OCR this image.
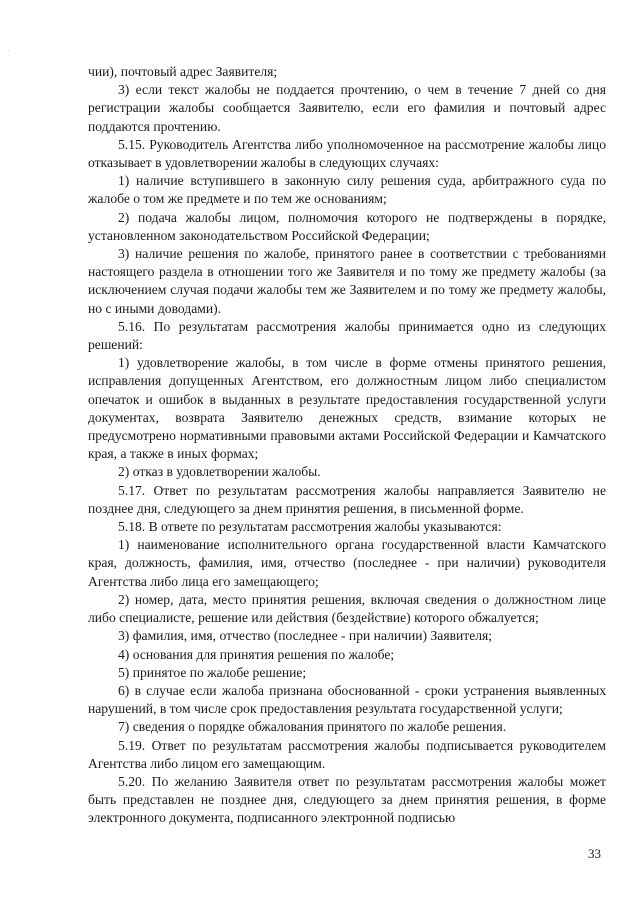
чии), почтовый адрес Заявителя;

3) если текст жалобы не поддается прочтению, о чем в течение 7 дней со дня регистрации жалобы сообщается Заявителю, если его фамилия и почтовый адрес поддаются прочтению.

5.15. Руководитель Агентства либо уполномоченное на рассмотрение жалобы лицо отказывает в удовлетворении жалобы в следующих случаях:

1) наличие вступившего в законную силу решения суда, арбитражного суда по жалобе о том же предмете и по тем же основаниям;

2) подача жалобы лицом, полномочия которого не подтверждены в порядке, установленном законодательством Российской Федерации;

3) наличие решения по жалобе, принятого ранее в соответствии с требованиями настоящего раздела в отношении того же Заявителя и по тому же предмету жалобы (за исключением случая подачи жалобы тем же Заявителем и по тому же предмету жалобы, но с иными доводами).

5.16. По результатам рассмотрения жалобы принимается одно из следующих решений:

1) удовлетворение жалобы, в том числе в форме отмены принятого решения, исправления допущенных Агентством, его должностным лицом либо специалистом опечаток и ошибок в выданных в результате предоставления государственной услуги документах, возврата Заявителю денежных средств, взимание которых не предусмотрено нормативными правовыми актами Российской Федерации и Камчатского края, а также в иных формах;

2) отказ в удовлетворении жалобы.

5.17. Ответ по результатам рассмотрения жалобы направляется Заявителю не позднее дня, следующего за днем принятия решения, в письменной форме.

5.18. В ответе по результатам рассмотрения жалобы указываются:

1) наименование исполнительного органа государственной власти Камчатского края, должность, фамилия, имя, отчество (последнее - при наличии) руководителя Агентства либо лица его замещающего;

2) номер, дата, место принятия решения, включая сведения о должностном лице либо специалисте, решение или действия (бездействие) которого обжалуется;

3) фамилия, имя, отчество (последнее - при наличии) Заявителя;

4) основания для принятия решения по жалобе;

5) принятое по жалобе решение;

6) в случае если жалоба признана обоснованной - сроки устранения выявленных нарушений, в том числе срок предоставления результата государственной услуги;

7) сведения о порядке обжалования принятого по жалобе решения.

5.19. Ответ по результатам рассмотрения жалобы подписывается руководителем Агентства либо лицом его замещающим.

5.20. По желанию Заявителя ответ по результатам рассмотрения жалобы может быть представлен не позднее дня, следующего за днем принятия решения, в форме электронного документа, подписанного электронной подписью

33
